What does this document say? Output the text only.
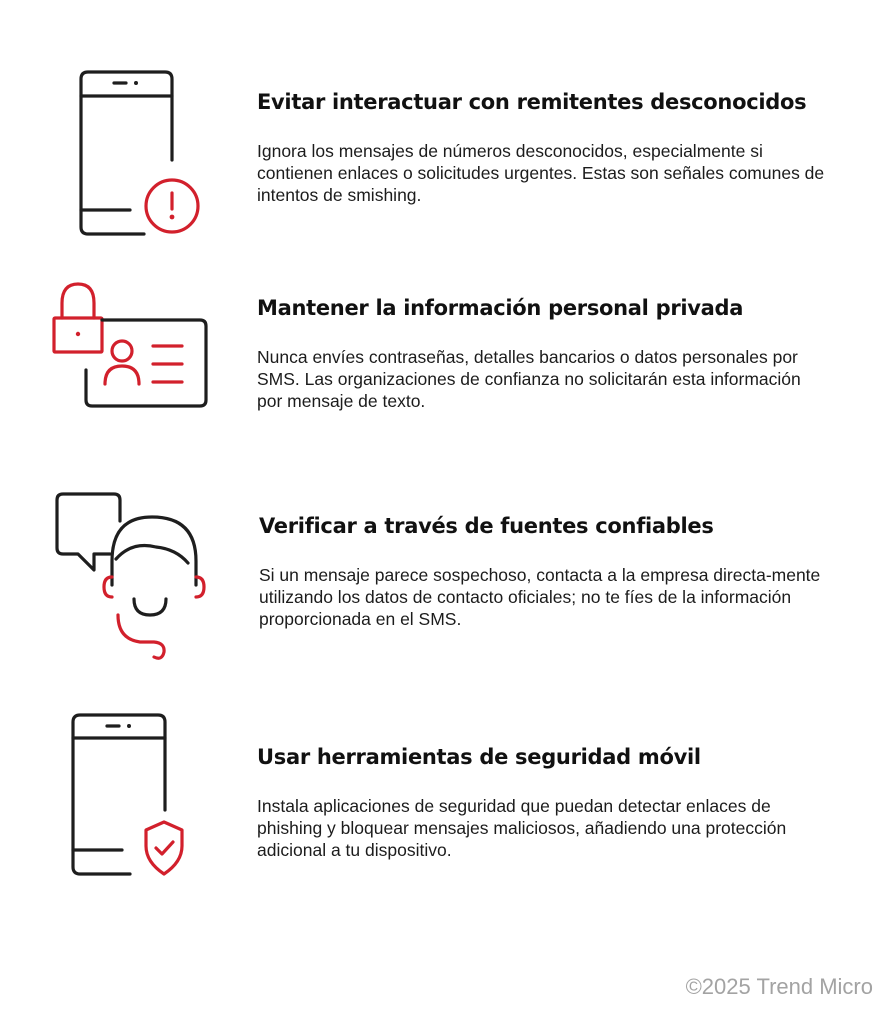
Evitar interactuar con remitentes desconocidos

Ignora los mensajes de números desconocidos, especialmente si contienen enlaces o solicitudes urgentes. Estas son señales comunes de intentos de smishing.

Mantener la información personal privada

Nunca envíes contraseñas, detalles bancarios o datos personales por SMS. Las organizaciones de confianza no solicitarán esta información por mensaje de texto.

Verificar a través de fuentes confiables

Si un mensaje parece sospechoso, contacta a la empresa directa-mente utilizando los datos de contacto oficiales; no te fíes de la información proporcionada en el SMS.

Usar herramientas de seguridad móvil

Instala aplicaciones de seguridad que puedan detectar enlaces de phishing y bloquear mensajes maliciosos, añadiendo una protección adicional a tu dispositivo.

©2025 Trend Micro
